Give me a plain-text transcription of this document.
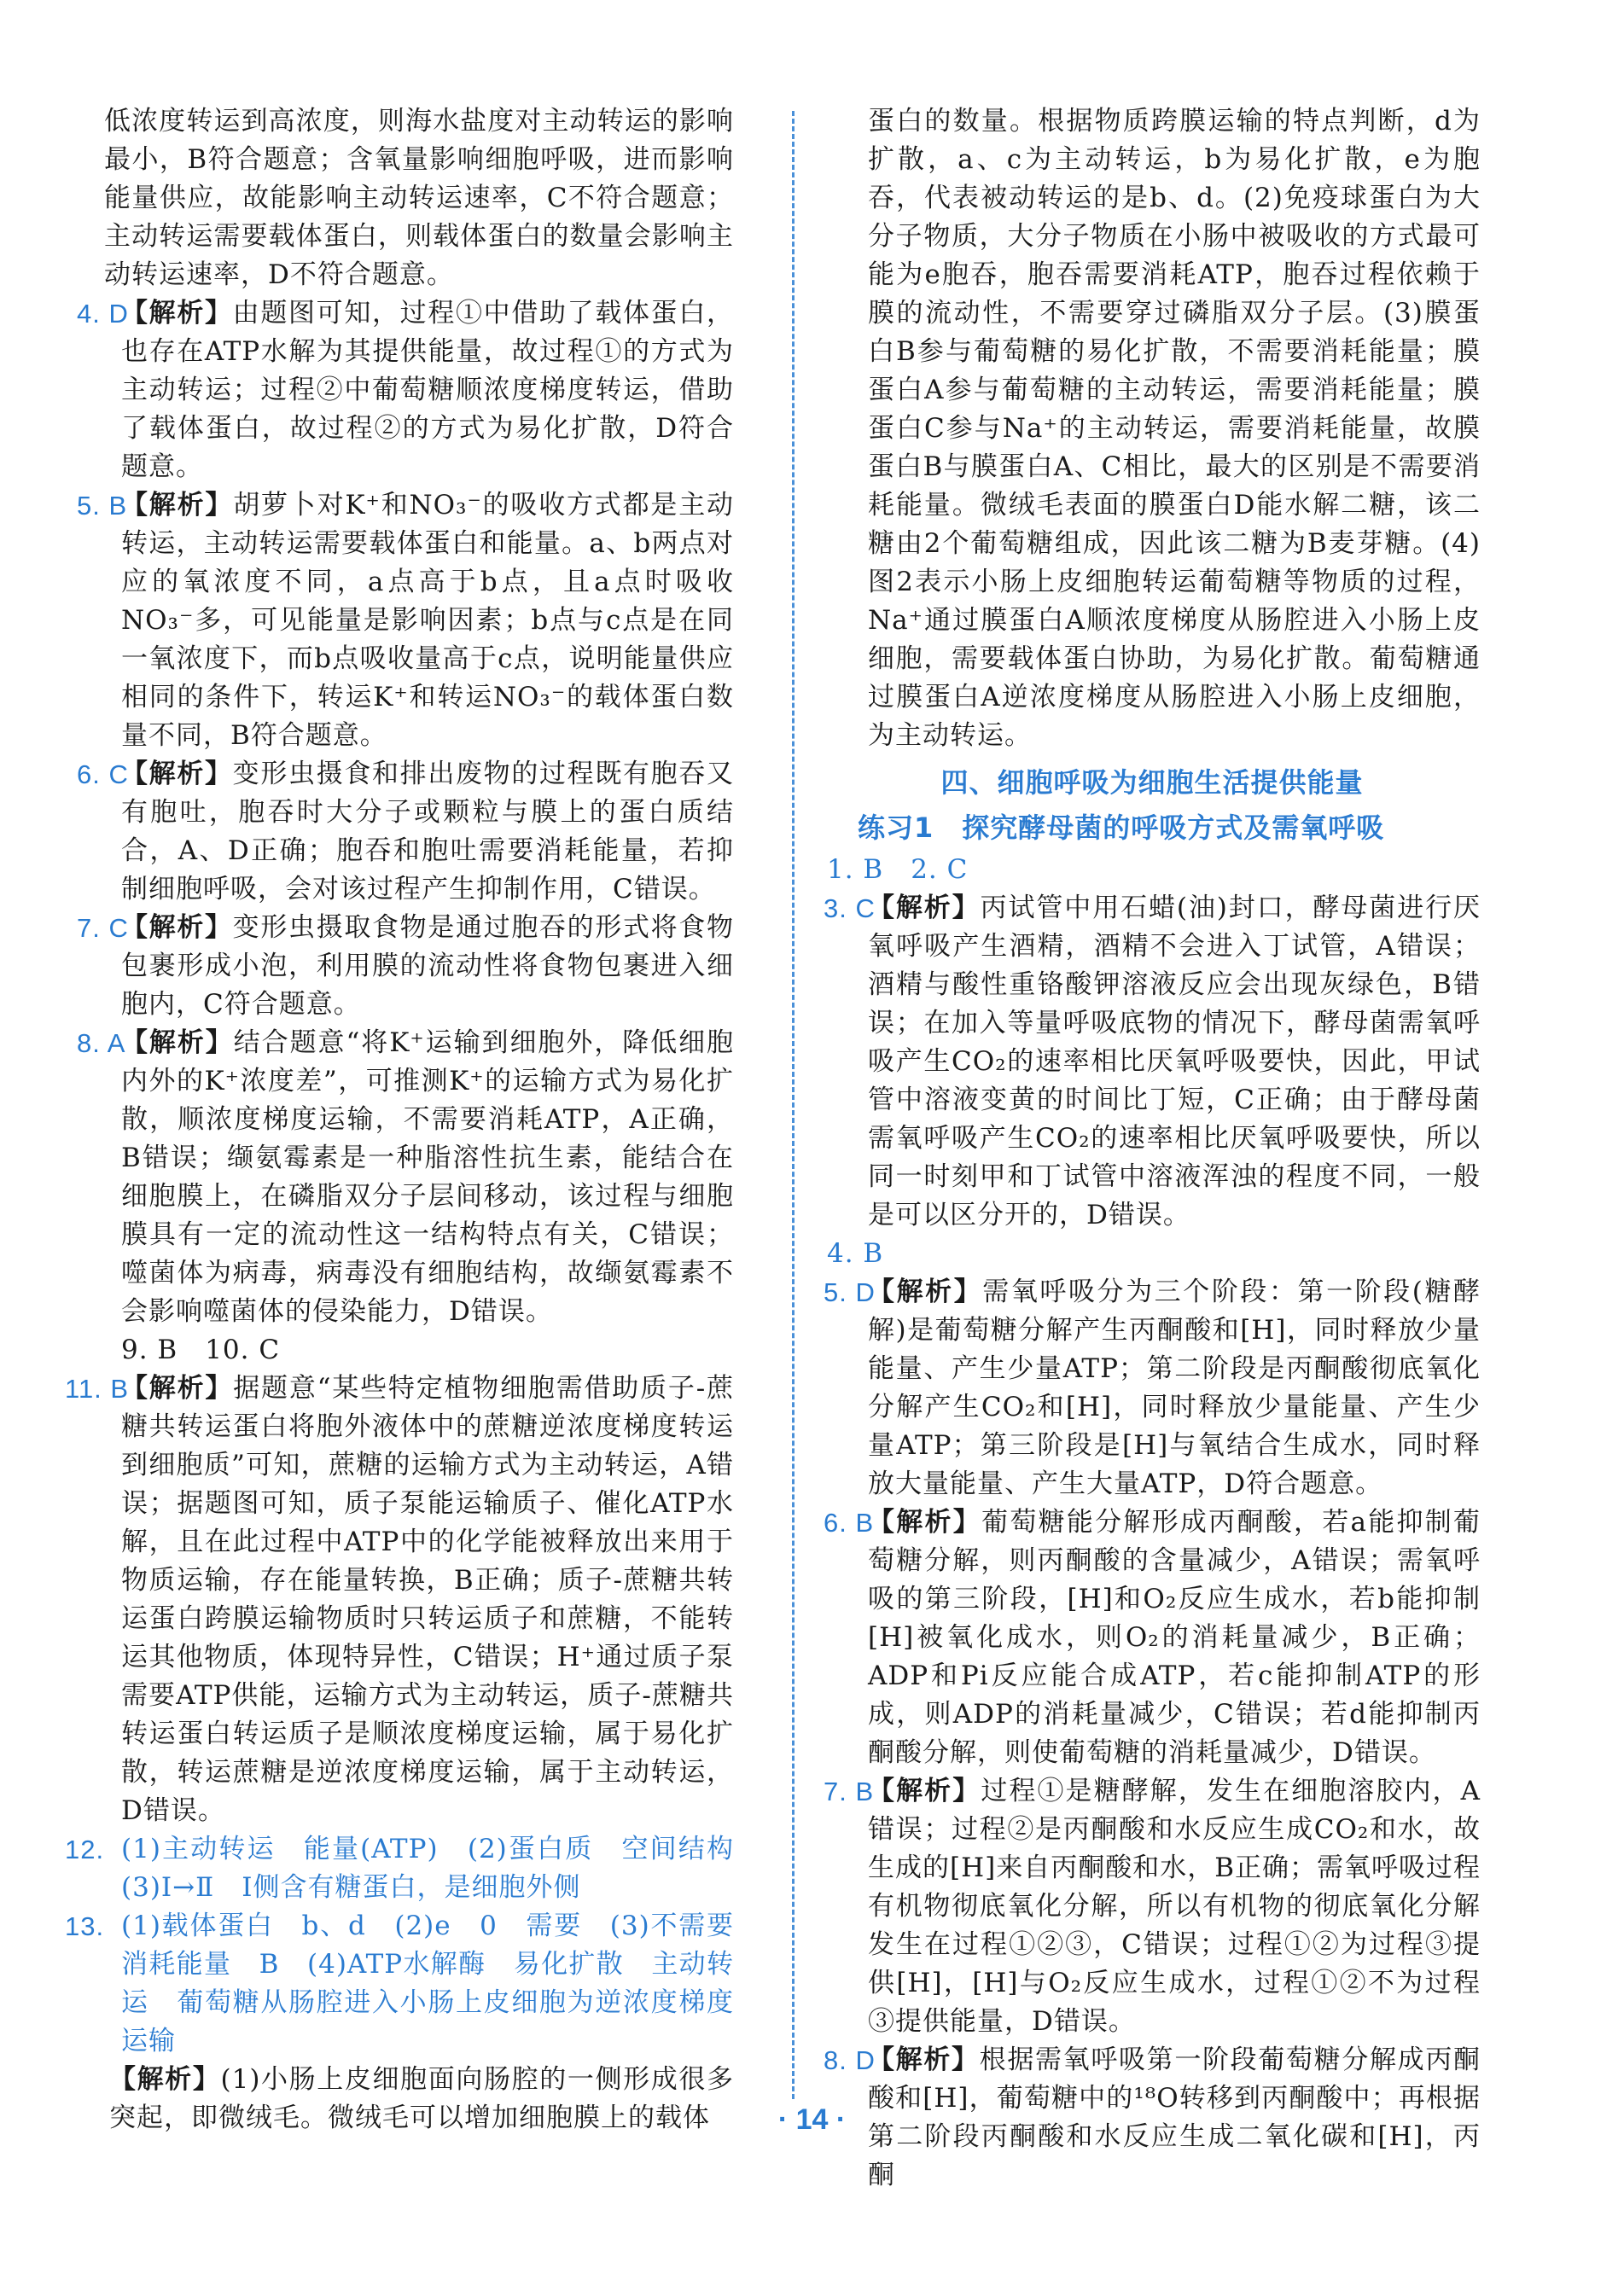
低浓度转运到高浓度，则海水盐度对主动转运的影响最小，B符合题意；含氧量影响细胞呼吸，进而影响能量供应，故能影响主动转运速率，C不符合题意；主动转运需要载体蛋白，则载体蛋白的数量会影响主动转运速率，D不符合题意。
4. D
【解析】由题图可知，过程①中借助了载体蛋白，也存在ATP水解为其提供能量，故过程①的方式为主动转运；过程②中葡萄糖顺浓度梯度转运，借助了载体蛋白，故过程②的方式为易化扩散，D符合题意。
5. B
【解析】胡萝卜对K⁺和NO₃⁻的吸收方式都是主动转运，主动转运需要载体蛋白和能量。a、b两点对应的氧浓度不同，a点高于b点，且a点时吸收NO₃⁻多，可见能量是影响因素；b点与c点是在同一氧浓度下，而b点吸收量高于c点，说明能量供应相同的条件下，转运K⁺和转运NO₃⁻的载体蛋白数量不同，B符合题意。
6. C
【解析】变形虫摄食和排出废物的过程既有胞吞又有胞吐，胞吞时大分子或颗粒与膜上的蛋白质结合，A、D正确；胞吞和胞吐需要消耗能量，若抑制细胞呼吸，会对该过程产生抑制作用，C错误。
7. C
【解析】变形虫摄取食物是通过胞吞的形式将食物包裹形成小泡，利用膜的流动性将食物包裹进入细胞内，C符合题意。
8. A
【解析】结合题意“将K⁺运输到细胞外，降低细胞内外的K⁺浓度差”，可推测K⁺的运输方式为易化扩散，顺浓度梯度运输，不需要消耗ATP，A正确，B错误；缬氨霉素是一种脂溶性抗生素，能结合在细胞膜上，在磷脂双分子层间移动，该过程与细胞膜具有一定的流动性这一结构特点有关，C错误；噬菌体为病毒，病毒没有细胞结构，故缬氨霉素不会影响噬菌体的侵染能力，D错误。
9. B　10. C
11. B
【解析】据题意“某些特定植物细胞需借助质子-蔗糖共转运蛋白将胞外液体中的蔗糖逆浓度梯度转运到细胞质”可知，蔗糖的运输方式为主动转运，A错误；据题图可知，质子泵能运输质子、催化ATP水解，且在此过程中ATP中的化学能被释放出来用于物质运输，存在能量转换，B正确；质子-蔗糖共转运蛋白跨膜运输物质时只转运质子和蔗糖，不能转运其他物质，体现特异性，C错误；H⁺通过质子泵需要ATP供能，运输方式为主动转运，质子-蔗糖共转运蛋白转运质子是顺浓度梯度运输，属于易化扩散，转运蔗糖是逆浓度梯度运输，属于主动转运，D错误。
12. (1)主动转运　能量(ATP)　(2)蛋白质　空间结构　(3)Ⅰ→Ⅱ　Ⅰ侧含有糖蛋白，是细胞外侧
13. (1)载体蛋白　b、d　(2)e　0　需要　(3)不需要消耗能量　B　(4)ATP水解酶　易化扩散　主动转运　葡萄糖从肠腔进入小肠上皮细胞为逆浓度梯度运输
【解析】(1)小肠上皮细胞面向肠腔的一侧形成很多突起，即微绒毛。微绒毛可以增加细胞膜上的载体
蛋白的数量。根据物质跨膜运输的特点判断，d为扩散，a、c为主动转运，b为易化扩散，e为胞吞，代表被动转运的是b、d。(2)免疫球蛋白为大分子物质，大分子物质在小肠中被吸收的方式最可能为e胞吞，胞吞需要消耗ATP，胞吞过程依赖于膜的流动性，不需要穿过磷脂双分子层。(3)膜蛋白B参与葡萄糖的易化扩散，不需要消耗能量；膜蛋白A参与葡萄糖的主动转运，需要消耗能量；膜蛋白C参与Na⁺的主动转运，需要消耗能量，故膜蛋白B与膜蛋白A、C相比，最大的区别是不需要消耗能量。微绒毛表面的膜蛋白D能水解二糖，该二糖由2个葡萄糖组成，因此该二糖为B麦芽糖。(4)图2表示小肠上皮细胞转运葡萄糖等物质的过程，Na⁺通过膜蛋白A顺浓度梯度从肠腔进入小肠上皮细胞，需要载体蛋白协助，为易化扩散。葡萄糖通过膜蛋白A逆浓度梯度从肠腔进入小肠上皮细胞，为主动转运。
四、细胞呼吸为细胞生活提供能量
练习1　探究酵母菌的呼吸方式及需氧呼吸
1. B　2. C
3. C
【解析】丙试管中用石蜡(油)封口，酵母菌进行厌氧呼吸产生酒精，酒精不会进入丁试管，A错误；酒精与酸性重铬酸钾溶液反应会出现灰绿色，B错误；在加入等量呼吸底物的情况下，酵母菌需氧呼吸产生CO₂的速率相比厌氧呼吸要快，因此，甲试管中溶液变黄的时间比丁短，C正确；由于酵母菌需氧呼吸产生CO₂的速率相比厌氧呼吸要快，所以同一时刻甲和丁试管中溶液浑浊的程度不同，一般是可以区分开的，D错误。
4. B
5. D
【解析】需氧呼吸分为三个阶段：第一阶段(糖酵解)是葡萄糖分解产生丙酮酸和[H]，同时释放少量能量、产生少量ATP；第二阶段是丙酮酸彻底氧化分解产生CO₂和[H]，同时释放少量能量、产生少量ATP；第三阶段是[H]与氧结合生成水，同时释放大量能量、产生大量ATP，D符合题意。
6. B
【解析】葡萄糖能分解形成丙酮酸，若a能抑制葡萄糖分解，则丙酮酸的含量减少，A错误；需氧呼吸的第三阶段，[H]和O₂反应生成水，若b能抑制[H]被氧化成水，则O₂的消耗量减少，B正确；ADP和Pi反应能合成ATP，若c能抑制ATP的形成，则ADP的消耗量减少，C错误；若d能抑制丙酮酸分解，则使葡萄糖的消耗量减少，D错误。
7. B
【解析】过程①是糖酵解，发生在细胞溶胶内，A错误；过程②是丙酮酸和水反应生成CO₂和水，故生成的[H]来自丙酮酸和水，B正确；需氧呼吸过程有机物彻底氧化分解，所以有机物的彻底氧化分解发生在过程①②③，C错误；过程①②为过程③提供[H]，[H]与O₂反应生成水，过程①②不为过程③提供能量，D错误。
8. D
【解析】根据需氧呼吸第一阶段葡萄糖分解成丙酮酸和[H]，葡萄糖中的¹⁸O转移到丙酮酸中；再根据第二阶段丙酮酸和水反应生成二氧化碳和[H]，丙酮
· 14 ·
